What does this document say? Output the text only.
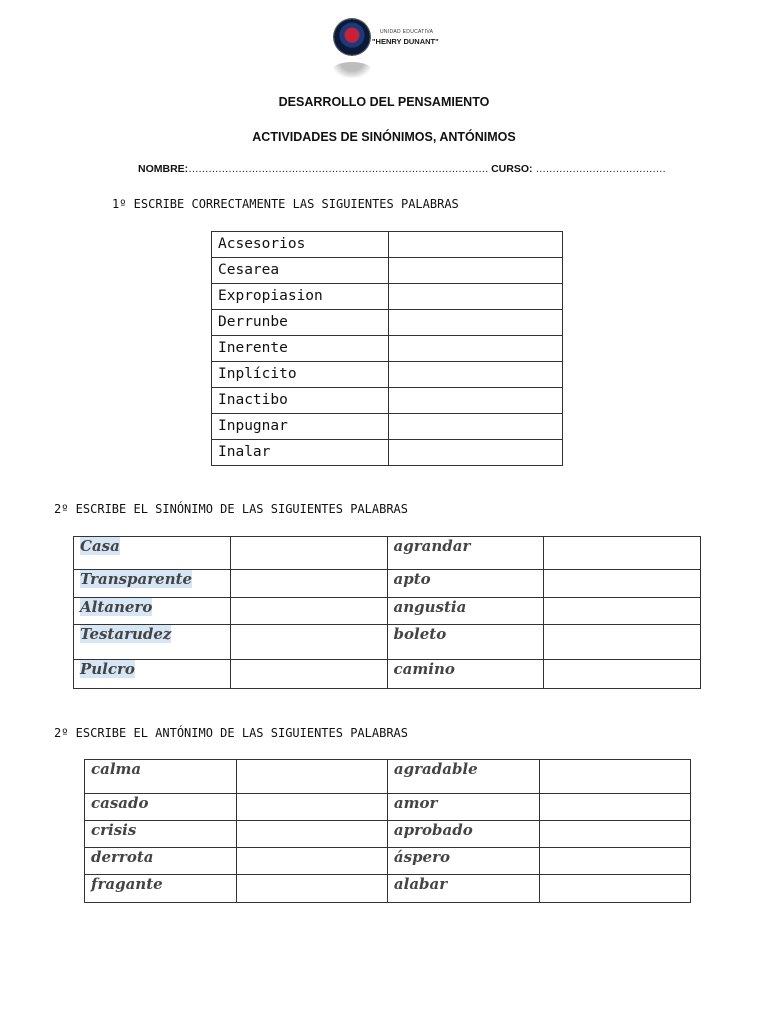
UNIDAD EDUCATIVA
"HENRY DUNANT"
DESARROLLO DEL PENSAMIENTO
ACTIVIDADES DE SINÓNIMOS, ANTÓNIMOS
NOMBRE:……………………………………………………………………………… CURSO: …………………………………
1º ESCRIBE CORRECTAMENTE LAS SIGUIENTES PALABRAS
Acsesorios	
Cesarea	
Expropiasion	
Derrunbe	
Inerente	
Inplícito	
Inactibo	
Inpugnar	
Inalar	
2º ESCRIBE EL SINÓNIMO DE LAS SIGUIENTES PALABRAS
Casa		agrandar	
Transparente		apto	
Altanero		angustia	
Testarudez		boleto	
Pulcro		camino	
2º ESCRIBE EL ANTÓNIMO DE LAS SIGUIENTES PALABRAS
calma		agradable	
casado		amor	
crisis		aprobado	
derrota		áspero	
fragante		alabar	
